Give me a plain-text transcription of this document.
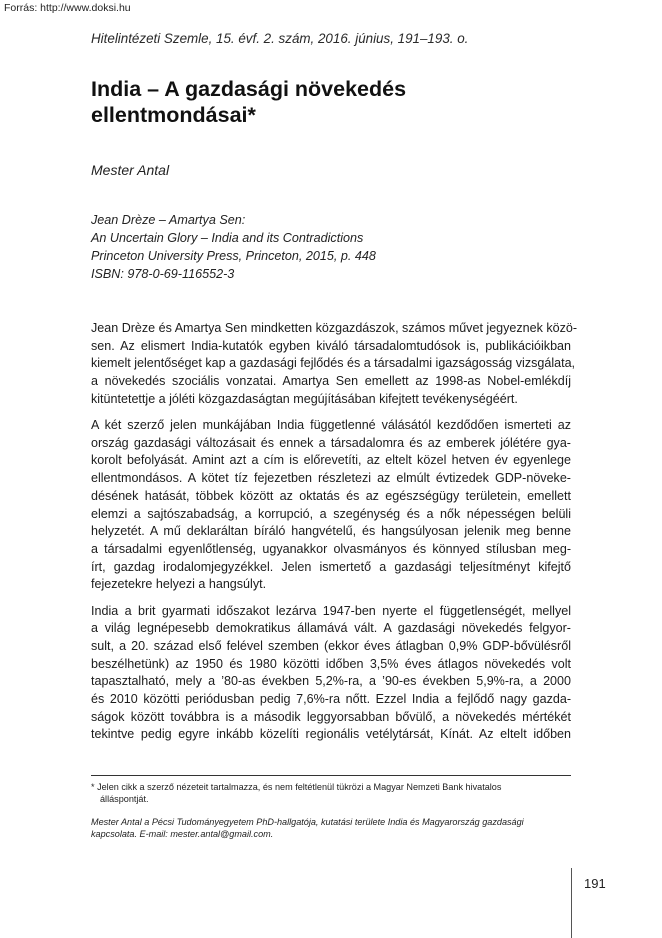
Forrás: http://www.doksi.hu
Hitelintézeti Szemle, 15. évf. 2. szám, 2016. június, 191–193. o.
India – A gazdasági növekedés
ellentmondásai*
Mester Antal
Jean Drèze – Amartya Sen:
An Uncertain Glory – India and its Contradictions
Princeton University Press, Princeton, 2015, p. 448
ISBN: 978-0-69-116552-3

Jean Drèze és Amartya Sen mindketten közgazdászok, számos művet jegyeznek közö-
sen. Az elismert India-kutatók egyben kiváló társadalomtudósok is, publikációikban
kiemelt jelentőséget kap a gazdasági fejlődés és a társadalmi igazságosság vizsgálata,
a növekedés szociális vonzatai. Amartya Sen emellett az 1998-as Nobel-emlékdíj
kitüntetettje a jóléti közgazdaságtan megújításában kifejtett tevékenységéért.

A két szerző jelen munkájában India függetlenné válásától kezdődően ismerteti az
ország gazdasági változásait és ennek a társadalomra és az emberek jólétére gya-
korolt befolyását. Amint azt a cím is előrevetíti, az eltelt közel hetven év egyenlege
ellentmondásos. A kötet tíz fejezetben részletezi az elmúlt évtizedek GDP-növeke-
désének hatását, többek között az oktatás és az egészségügy területein, emellett
elemzi a sajtószabadság, a korrupció, a szegénység és a nők népességen belüli
helyzetét. A mű deklaráltan bíráló hangvételű, és hangsúlyosan jelenik meg benne
a társadalmi egyenlőtlenség, ugyanakkor olvasmányos és könnyed stílusban meg-
írt, gazdag irodalomjegyzékkel. Jelen ismertető a gazdasági teljesítményt kifejtő
fejezetekre helyezi a hangsúlyt.

India a brit gyarmati időszakot lezárva 1947-ben nyerte el függetlenségét, mellyel
a világ legnépesebb demokratikus államává vált. A gazdasági növekedés felgyor-
sult, a 20. század első felével szemben (ekkor éves átlagban 0,9% GDP-bővülésről
beszélhetünk) az 1950 és 1980 közötti időben 3,5% éves átlagos növekedés volt
tapasztalható, mely a ’80-as években 5,2%-ra, a ’90-es években 5,9%-ra, a 2000
és 2010 közötti periódusban pedig 7,6%-ra nőtt. Ezzel India a fejlődő nagy gazda-
ságok között továbbra is a második leggyorsabban bővülő, a növekedés mértékét
tekintve pedig egyre inkább közelíti regionális vetélytársát, Kínát. Az eltelt időben

* Jelen cikk a szerző nézeteit tartalmazza, és nem feltétlenül tükrözi a Magyar Nemzeti Bank hivatalos
álláspontját.
Mester Antal a Pécsi Tudományegyetem PhD-hallgatója, kutatási területe India és Magyarország gazdasági
kapcsolata. E-mail: mester.antal@gmail.com.
191
